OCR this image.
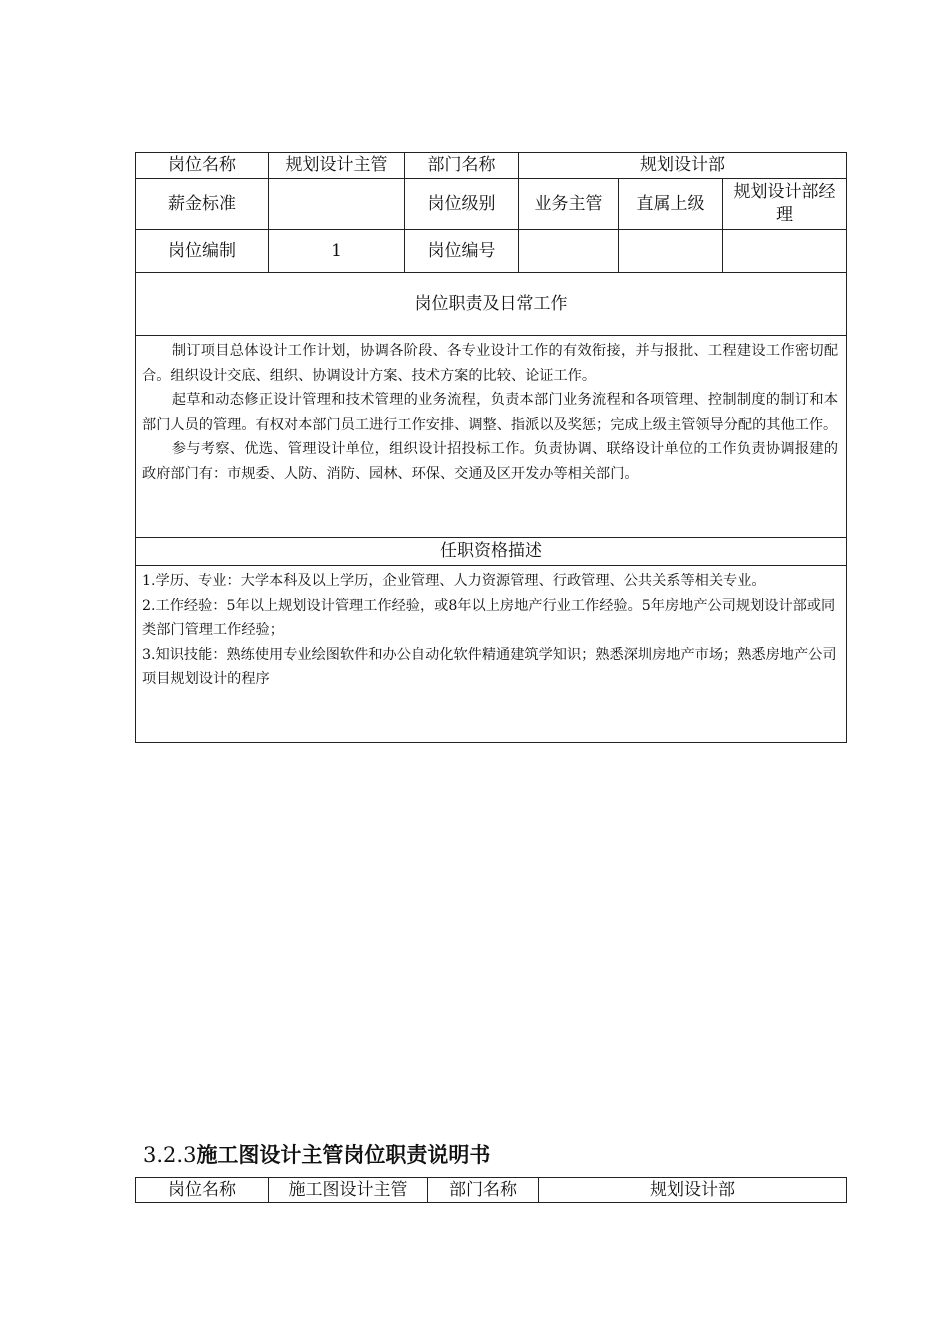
岗位名称	规划设计主管	部门名称	规划设计部		
薪金标准		岗位级别	业务主管	直属上级	规划设计部经理
岗位编制	1	岗位编号			
岗位职责及日常工作					

制订项目总体设计工作计划，协调各阶段、各专业设计工作的有效衔接，并与报批、工程建设工作密切配合。组织设计交底、组织、协调设计方案、技术方案的比较、论证工作。

起草和动态修正设计管理和技术管理的业务流程，负责本部门业务流程和各项管理、控制制度的制订和本部门人员的管理。有权对本部门员工进行工作安排、调整、指派以及奖惩；完成上级主管领导分配的其他工作。

参与考察、优选、管理设计单位，组织设计招投标工作。负责协调、联络设计单位的工作负责协调报建的政府部门有：市规委、人防、消防、园林、环保、交通及区开发办等相关部门。					

任职资格描述					

1.学历、专业：大学本科及以上学历，企业管理、人力资源管理、行政管理、公共关系等相关专业。

2.工作经验：5年以上规划设计管理工作经验，或8年以上房地产行业工作经验。5年房地产公司规划设计部或同类部门管理工作经验；

3.知识技能：熟练使用专业绘图软件和办公自动化软件精通建筑学知识；熟悉深圳房地产市场；熟悉房地产公司项目规划设计的程序					

3.2.3施工图设计主管岗位职责说明书
岗位名称	施工图设计主管	部门名称	规划设计部
